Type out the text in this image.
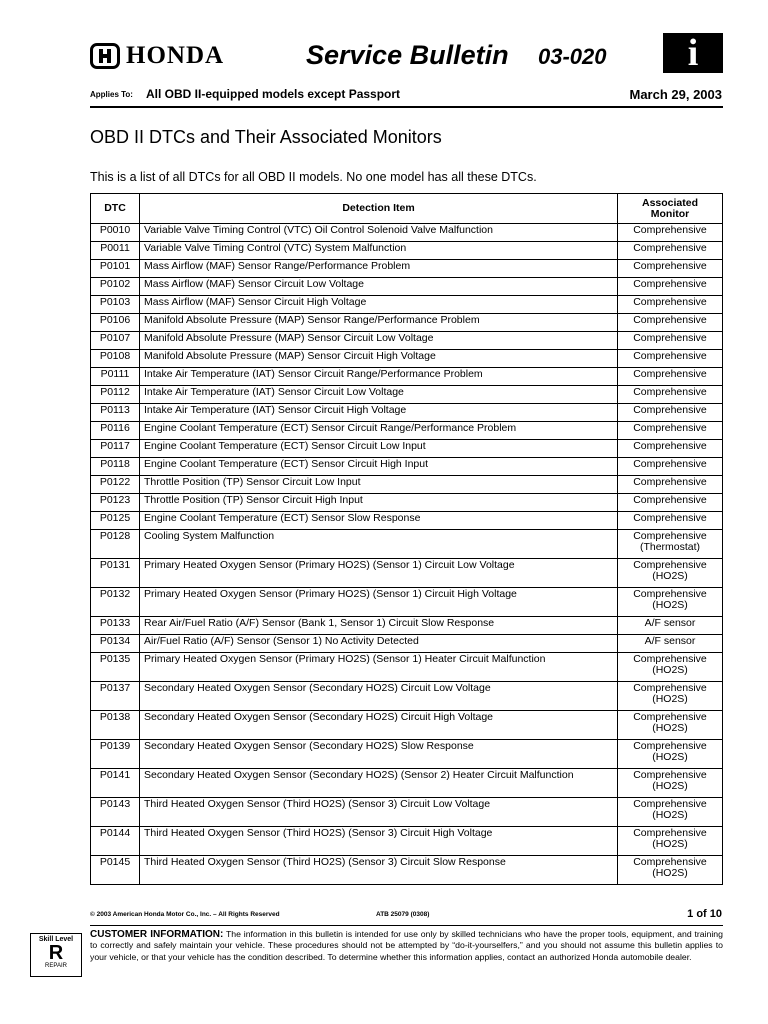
HONDA	Service Bulletin 03-020	i
Applies To: All OBD II-equipped models except Passport	March 29, 2003
OBD II DTCs and Their Associated Monitors
This is a list of all DTCs for all OBD II models. No one model has all these DTCs.
DTC	Detection Item	Associated Monitor
P0010	Variable Valve Timing Control (VTC) Oil Control Solenoid Valve Malfunction	Comprehensive

P0011	Variable Valve Timing Control (VTC) System Malfunction	Comprehensive

P0101	Mass Airflow (MAF) Sensor Range/Performance Problem	Comprehensive

P0102	Mass Airflow (MAF) Sensor Circuit Low Voltage	Comprehensive

P0103	Mass Airflow (MAF) Sensor Circuit High Voltage	Comprehensive

P0106	Manifold Absolute Pressure (MAP) Sensor Range/Performance Problem	Comprehensive

P0107	Manifold Absolute Pressure (MAP) Sensor Circuit Low Voltage	Comprehensive

P0108	Manifold Absolute Pressure (MAP) Sensor Circuit High Voltage	Comprehensive

P0111	Intake Air Temperature (IAT) Sensor Circuit Range/Performance Problem	Comprehensive

P0112	Intake Air Temperature (IAT) Sensor Circuit Low Voltage	Comprehensive

P0113	Intake Air Temperature (IAT) Sensor Circuit High Voltage	Comprehensive

P0116	Engine Coolant Temperature (ECT) Sensor Circuit Range/Performance Problem	Comprehensive

P0117	Engine Coolant Temperature (ECT) Sensor Circuit Low Input	Comprehensive

P0118	Engine Coolant Temperature (ECT) Sensor Circuit High Input	Comprehensive

P0122	Throttle Position (TP) Sensor Circuit Low Input	Comprehensive

P0123	Throttle Position (TP) Sensor Circuit High Input	Comprehensive

P0125	Engine Coolant Temperature (ECT) Sensor Slow Response	Comprehensive

P0128	Cooling System Malfunction	Comprehensive
(Thermostat)

P0131	Primary Heated Oxygen Sensor (Primary HO2S) (Sensor 1) Circuit Low Voltage	Comprehensive
(HO2S)

P0132	Primary Heated Oxygen Sensor (Primary HO2S) (Sensor 1) Circuit High Voltage	Comprehensive
(HO2S)

P0133	Rear Air/Fuel Ratio (A/F) Sensor (Bank 1, Sensor 1) Circuit Slow Response	A/F sensor

P0134	Air/Fuel Ratio (A/F) Sensor (Sensor 1) No Activity Detected	A/F sensor

P0135	Primary Heated Oxygen Sensor (Primary HO2S) (Sensor 1) Heater Circuit Malfunction	Comprehensive
(HO2S)

P0137	Secondary Heated Oxygen Sensor (Secondary HO2S) Circuit Low Voltage	Comprehensive
(HO2S)

P0138	Secondary Heated Oxygen Sensor (Secondary HO2S) Circuit High Voltage	Comprehensive
(HO2S)

P0139	Secondary Heated Oxygen Sensor (Secondary HO2S) Slow Response	Comprehensive
(HO2S)

P0141	Secondary Heated Oxygen Sensor (Secondary HO2S) (Sensor 2) Heater Circuit Malfunction	Comprehensive
(HO2S)

P0143	Third Heated Oxygen Sensor (Third HO2S) (Sensor 3) Circuit Low Voltage	Comprehensive
(HO2S)

P0144	Third Heated Oxygen Sensor (Third HO2S) (Sensor 3) Circuit High Voltage	Comprehensive
(HO2S)

P0145	Third Heated Oxygen Sensor (Third HO2S) (Sensor 3) Circuit Slow Response	Comprehensive
(HO2S)
© 2003 American Honda Motor Co., Inc. – All Rights Reserved	ATB 25079 (0308)	1 of 10
Skill Level
R
REPAIR
CUSTOMER INFORMATION: The information in this bulletin is intended for use only by skilled technicians who have the proper tools, equipment, and training to correctly and safely maintain your vehicle. These procedures should not be attempted by “do-it-yourselfers,” and you should not assume this bulletin applies to your vehicle, or that your vehicle has the condition described. To determine whether this information applies, contact an authorized Honda automobile dealer.
